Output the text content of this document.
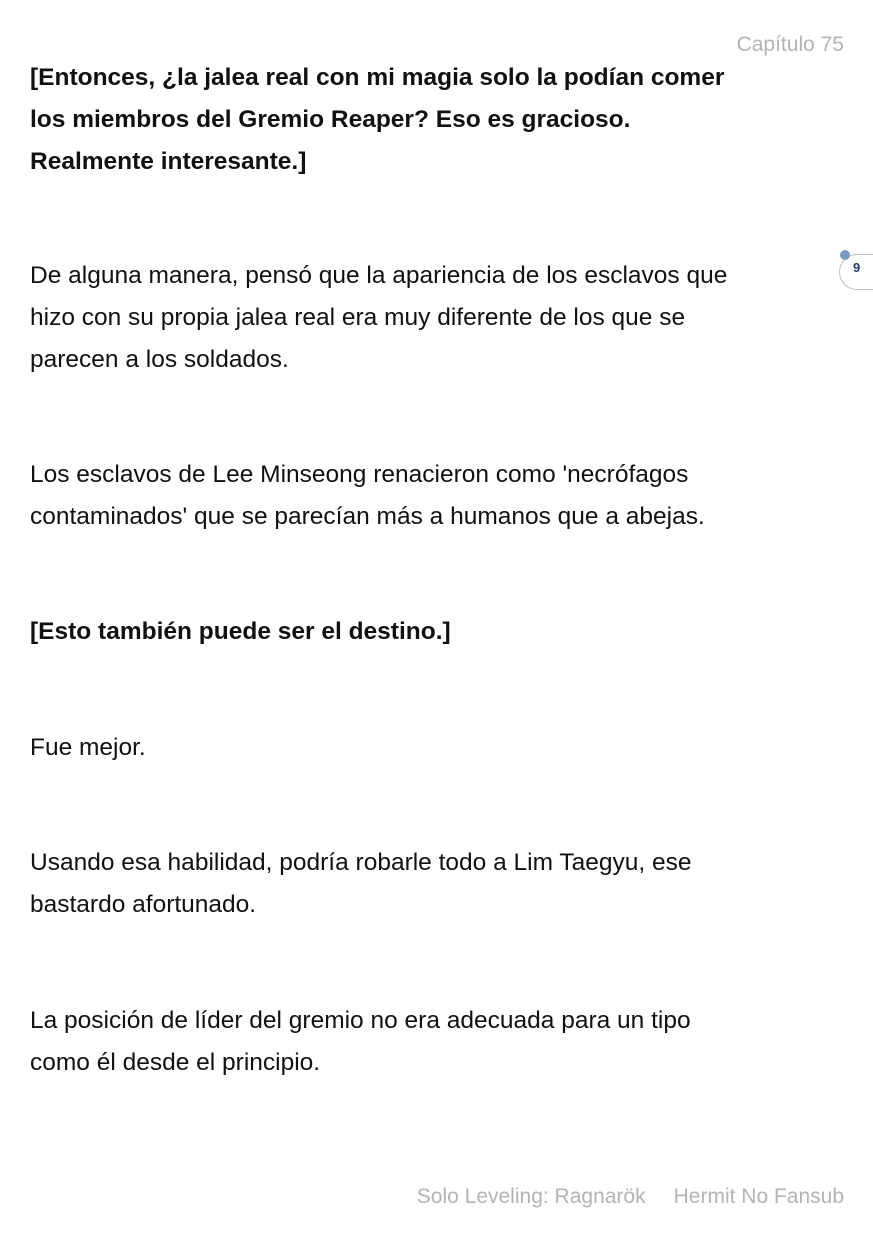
Capítulo 75
9

[Entonces, ¿la jalea real con mi magia solo la podían comer
los miembros del Gremio Reaper? Eso es gracioso.
Realmente interesante.]

De alguna manera, pensó que la apariencia de los esclavos que
hizo con su propia jalea real era muy diferente de los que se
parecen a los soldados.

Los esclavos de Lee Minseong renacieron como 'necrófagos
contaminados' que se parecían más a humanos que a abejas.

[Esto también puede ser el destino.]

Fue mejor.

Usando esa habilidad, podría robarle todo a Lim Taegyu, ese
bastardo afortunado.

La posición de líder del gremio no era adecuada para un tipo
como él desde el principio.

Solo Leveling: Ragnarök Hermit No Fansub
